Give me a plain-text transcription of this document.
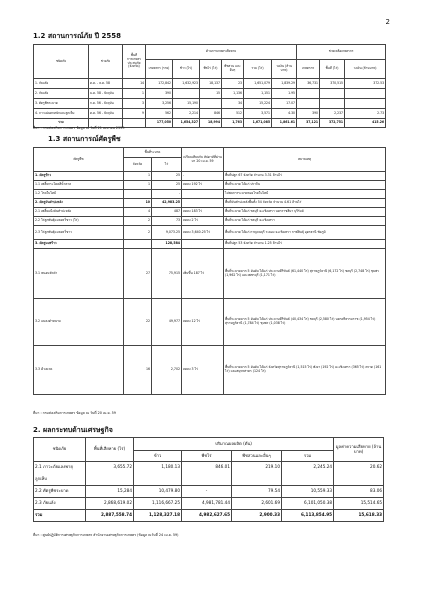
2
1.2 สถานการณ์ภัย ปี 2558
ชนิดภัย	ช่วงภัย	พื้นที่ การเกษตร ประสบภัย (จังหวัด)	ด้านการเกษตรเสียหาย						ช่วยเหลือเกษตรกร		
			เกษตรกร (ราย)	ข้าว (ไร่)	พืชไร่ (ไร่)	พืชสวน และอื่นๆ	รวม (ไร่)	วงเงิน (ล้านบาท)	เกษตรกร	พื้นที่ (ไร่)	วงเงิน (ล้านบาท)
1. ภัยแล้ง	ต.ค. - ธ.ค. 58	14	172,842	1,632,923	18,137	23	1,651,079	1,839.29	36,731	370,515	372.53
2. ภัยแล้ง	ม.ค. 58 - ปัจจุบัน	1	390		15	1,136	1,151	1.95			
3. ศัตรูพืชระบาด	ก.ค. 56 - ปัจจุบัน	3	3,256	15,190		34	15,224	17.07			
4. ภาวะฝนตกหนักและลูกเห็บ	ต.ค. 56 - ปัจจุบัน	9	562	2,214	846	512	3,571	4.30	390	2,237	2.73
รวม			177,050	1,654,327	18,994	1,763	1,671,085	1,861.61	37,121	372,751	415.26
ที่มา : กรมส่งเสริมการเกษตร ข้อมูล ณ วันที่ 21 เมษายน 2559
1.3 สถานการณ์ศัตรูพืช
ศัตรูพืช	พื้นที่ระบาด		เปรียบเทียบกับ สัปดาห์ที่ผ่านมา 20 เม.ย. 59	หมายเหตุ
	จังหวัด	ไร่		
1. ศัตรูข้าว	1	25	-	พื้นที่ปลูก 67 จังหวัด จำนวน 3.31 ล้านไร่
1.1 เพลี้ยกระโดดสีน้ำตาล	1	25	ลดลง 192 ไร่	พื้นที่ระบาด ได้แก่ ปราจีน
1.2 โรคใบไหม้		-		ไม่พบการระบาดของโรคใบไหม้
2. ศัตรูมันสำปะหลัง	10	42,983.25		พื้นที่มันสำปะหลังพื้นทั้ง 54 จังหวัด จำนวน 4.61 ล้านไร่
2.1 เพลี้ยแป้งมันสำปะหลัง	4	487	ลดลง 183 ไร่	พื้นที่ระบาด ได้แก่ ชลบุรี ฉะเชิงเทรา นครราชสีมา บุรีรัมย์
2.2 ไร่ลูกพันธุ์แมลงหวี่ขาว (ไร่)	2	73	ลดลง 2 ไร่	พื้นที่ระบาด ได้แก่ ชลบุรี ฉะเชิงเทรา
2.3 ไร่ลูกพันธุ์แมลงหวี่ขาว	2	9,073.25	ลดลง 3,640.25 ไร่	พื้นที่ระบาด ได้แก่ กาญจนบุรี ระยอง ฉะเชิงเทรา กาฬสินธุ์ อุดรธานี ชัยภูมิ
3. ศัตรูมะพร้าว		128,584		พื้นที่ปลูก 53 จังหวัด จำนวน 1.25 ล้านไร่
3.1 หนอนหัวดำ	27	75,915	เพิ่มขึ้น 187 ไร่	พื้นที่ระบาดมาก 5 อันดับ ได้แก่ ประจวบคีรีขันธ์ (61,440 ไร่) สุราษฎร์ธานี (6,172 ไร่) ชลบุรี (2,748 ไร่) ชุมพร (1,962 ไร่) และเพชรบุรี (1,171 ไร่)
3.2 แมลงดำหนาม	22	49,977	ลดลง 12 ไร่	พื้นที่ระบาดมาก 5 อันดับ ได้แก่ ประจวบคีรีขันธ์ (40,434 ไร่) ชลบุรี (2,580 ไร่) นครศรีธรรมราช (1,954 ไร่) สุราษฎร์ธานี (1,784 ไร่) ชุมพร (1,038 ไร่)
3.3 ด้วงแรด	16	2,702	ลดลง 3 ไร่	พื้นที่ระบาดมาก 5 อันดับ ได้แก่ จังหวัดสุราษฎร์ธานี (1,515 ไร่) พังงา (192 ไร่) ฉะเชิงเทรา (365 ไร่) ตราด (161 ไร่) และสมุทรสาคร (124 ไร่)
ที่มา : กรมส่งเสริมการเกษตร ข้อมูล ณ วันที่ 20 เม.ย. 59
2. ผลกระทบด้านเศรษฐกิจ
ชนิดภัย	พื้นที่เสียหาย (ไร่)	ปริมาณผลผลิต (ตัน)				มูลค่าความเสียหาย (ล้านบาท)
		ข้าว	พืชไร่	พืชสวนและอื่นๆ	รวม	
2.1 ภาวะภัยแลงพายุ	3,655.72	1,180.13	846.01	219.10	2,245.24	20.62
ลูกเห็บ						
2.2 ศัตรูพืชระบาด	15,284	10,479.80	-	79.54	10,559.33	83.06
2.3 ภัยแล้ง	2,868,619.02	1,116,667.25	4,981,781.44	2,601.69	6,101,050.38	15,514.65
รวม	2,887,558.74	1,128,327.18	4,982,627.65	2,900.33	6,113,854.95	15,618.33
ที่มา : ศูนย์ปฏิบัติการเศรษฐกิจการเกษตร สำนักงานเศรษฐกิจการเกษตร (ข้อมูล ณวันที่ 24 เม.ย. 59)
